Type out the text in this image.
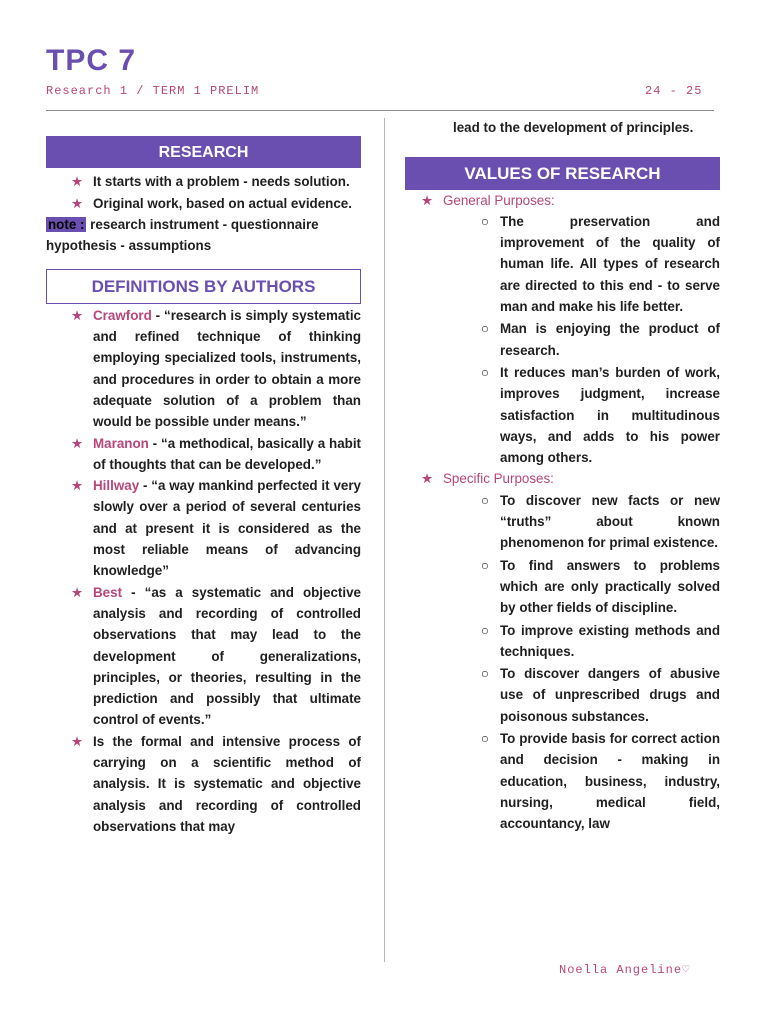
TPC 7
Research 1 / TERM 1 PRELIM	24 - 25
RESEARCH
★ It starts with a problem - needs solution.
★ Original work, based on actual evidence.
note : research instrument - questionnaire
hypothesis - assumptions
DEFINITIONS BY AUTHORS
★ Crawford - “research is simply systematic and refined technique of thinking employing specialized tools, instruments, and procedures in order to obtain a more adequate solution of a problem than would be possible under means.”
★ Maranon - “a methodical, basically a habit of thoughts that can be developed.”
★ Hillway - “a way mankind perfected it very slowly over a period of several centuries and at present it is considered as the most reliable means of advancing knowledge”
★ Best - “as a systematic and objective analysis and recording of controlled observations that may lead to the development of generalizations, principles, or theories, resulting in the prediction and possibly that ultimate control of events.”
★ Is the formal and intensive process of carrying on a scientific method of analysis. It is systematic and objective analysis and recording of controlled observations that may
lead to the development of principles.
VALUES OF RESEARCH
★ General Purposes:
○ The preservation and improvement of the quality of human life. All types of research are directed to this end - to serve man and make his life better.
○ Man is enjoying the product of research.
○ It reduces man’s burden of work, improves judgment, increase satisfaction in multitudinous ways, and adds to his power among others.
★ Specific Purposes:
○ To discover new facts or new “truths” about known phenomenon for primal existence.
○ To find answers to problems which are only practically solved by other fields of discipline.
○ To improve existing methods and techniques.
○ To discover dangers of abusive use of unprescribed drugs and poisonous substances.
○ To provide basis for correct action and decision - making in education, business, industry, nursing, medical field, accountancy, law
Noella Angeline♡
